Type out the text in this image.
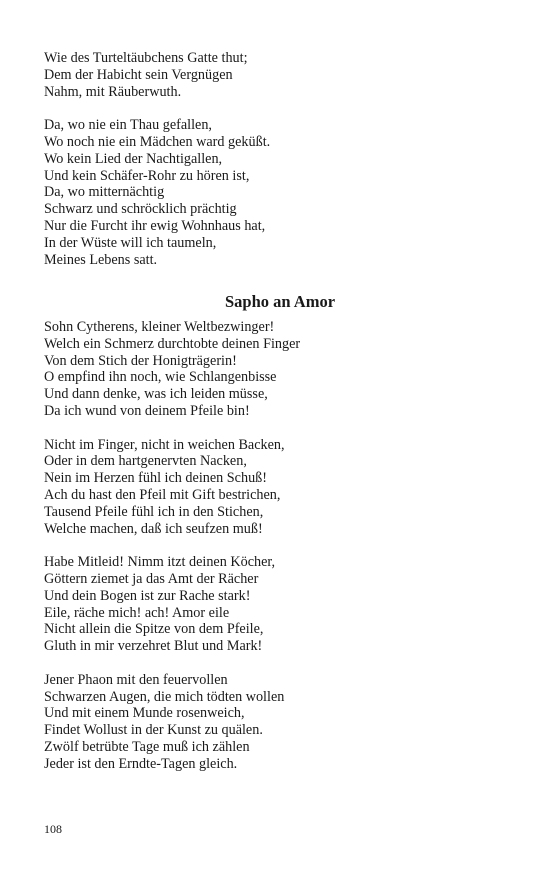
Wie des Turteltäubchens Gatte thut;
Dem der Habicht sein Vergnügen
Nahm, mit Räuberwuth.
Da, wo nie ein Thau gefallen,
Wo noch nie ein Mädchen ward geküßt.
Wo kein Lied der Nachtigallen,
Und kein Schäfer-Rohr zu hören ist,
Da, wo mitternächtig
Schwarz und schröcklich prächtig
Nur die Furcht ihr ewig Wohnhaus hat,
In der Wüste will ich taumeln,
Meines Lebens satt.
Sapho an Amor
Sohn Cytherens, kleiner Weltbezwinger!
Welch ein Schmerz durchtobte deinen Finger
Von dem Stich der Honigträgerin!
O empfind ihn noch, wie Schlangenbisse
Und dann denke, was ich leiden müsse,
Da ich wund von deinem Pfeile bin!
Nicht im Finger, nicht in weichen Backen,
Oder in dem hartgenervten Nacken,
Nein im Herzen fühl ich deinen Schuß!
Ach du hast den Pfeil mit Gift bestrichen,
Tausend Pfeile fühl ich in den Stichen,
Welche machen, daß ich seufzen muß!
Habe Mitleid! Nimm itzt deinen Köcher,
Göttern ziemet ja das Amt der Rächer
Und dein Bogen ist zur Rache stark!
Eile, räche mich! ach! Amor eile
Nicht allein die Spitze von dem Pfeile,
Gluth in mir verzehret Blut und Mark!
Jener Phaon mit den feuervollen
Schwarzen Augen, die mich tödten wollen
Und mit einem Munde rosenweich,
Findet Wollust in der Kunst zu quälen.
Zwölf betrübte Tage muß ich zählen
Jeder ist den Erndte-Tagen gleich.
108
